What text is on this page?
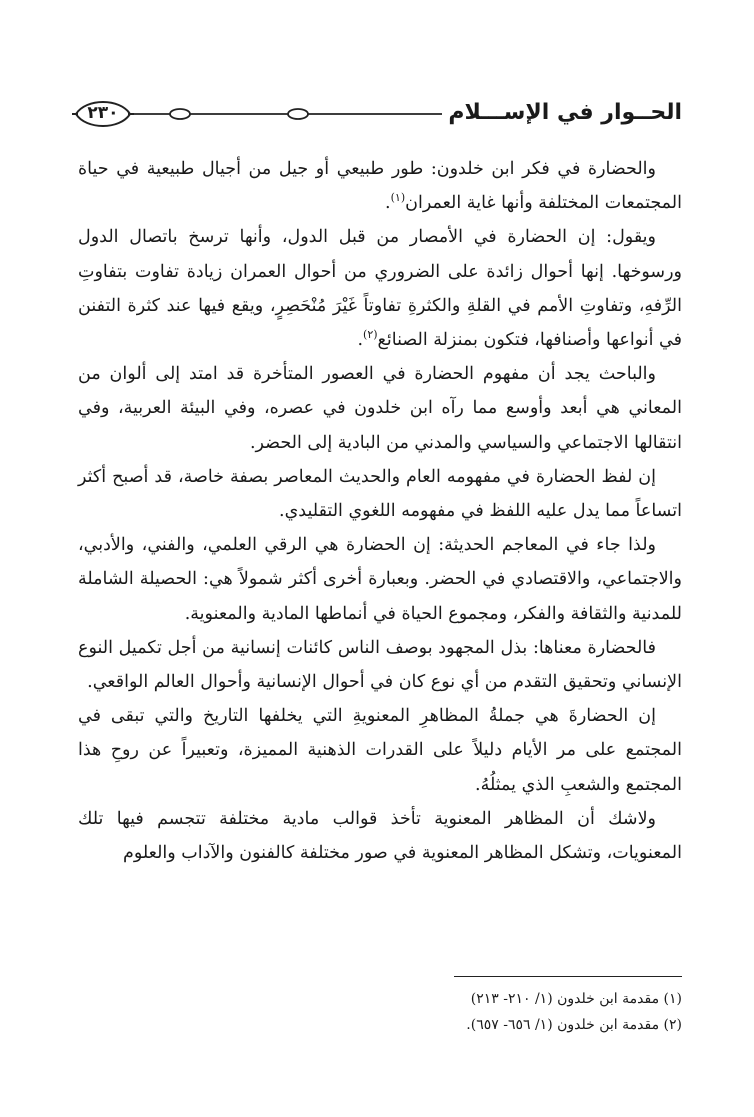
٢٣٠	الحــوار في الإســـلام

والحضارة في فكر ابن خلدون: طور طبيعي أو جيل من أجيال طبيعية في حياة المجتمعات المختلفة وأنها غاية العمران$^{(١)}$.

ويقول: إن الحضارة في الأمصار من قبل الدول، وأنها ترسخ باتصال الدول ورسوخها. إنها أحوال زائدة على الضروري من أحوال العمران زيادة تفاوت بتفاوتِ الرِّفهِ، وتفاوتِ الأمم في القلةِ والكثرةِ تفاوتاً غَيْرَ مُنْحَصِرٍ، ويقع فيها عند كثرة التفنن في أنواعها وأصنافها، فتكون بمنزلة الصنائع$^{(٢)}$.

والباحث يجد أن مفهوم الحضارة في العصور المتأخرة قد امتد إلى ألوان من المعاني هي أبعد وأوسع مما رآه ابن خلدون في عصره، وفي البيئة العربية، وفي انتقالها الاجتماعي والسياسي والمدني من البادية إلى الحضر.

إن لفظ الحضارة في مفهومه العام والحديث المعاصر بصفة خاصة، قد أصبح أكثر اتساعاً مما يدل عليه اللفظ في مفهومه اللغوي التقليدي.

ولذا جاء في المعاجم الحديثة: إن الحضارة هي الرقي العلمي، والفني، والأدبي، والاجتماعي، والاقتصادي في الحضر. وبعبارة أخرى أكثر شمولاً هي: الحصيلة الشاملة للمدنية والثقافة والفكر، ومجموع الحياة في أنماطها المادية والمعنوية.

فالحضارة معناها: بذل المجهود بوصف الناس كائنات إنسانية من أجل تكميل النوع الإنساني وتحقيق التقدم من أي نوع كان في أحوال الإنسانية وأحوال العالم الواقعي.

إن الحضارةَ هي جملةُ المظاهرِ المعنويةِ التي يخلفها التاريخ والتي تبقى في المجتمع على مر الأيام دليلاً على القدرات الذهنية المميزة، وتعبيراً عن روحِ هذا المجتمع والشعبِ الذي يمثلُهُ.

ولاشك أن المظاهر المعنوية تأخذ قوالب مادية مختلفة تتجسم فيها تلك المعنويات، وتشكل المظاهر المعنوية في صور مختلفة كالفنون والآداب والعلوم

(١) مقدمة ابن خلدون (١/ ٢١٠- ٢١٣)
(٢) مقدمة ابن خلدون (١/ ٦٥٦- ٦٥٧).
